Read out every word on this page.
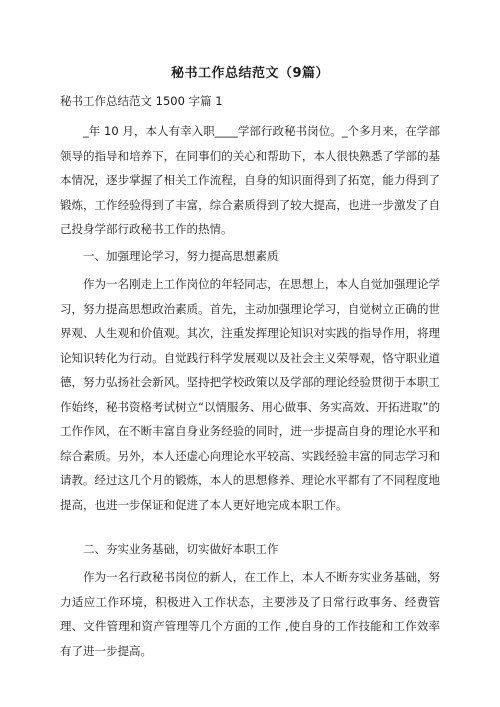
秘书工作总结范文（9篇）
秘书工作总结范文 1500 字篇 1

_年 10 月，本人有幸入职____学部行政秘书岗位。_个多月来，在学部领导的指导和培养下，在同事们的关心和帮助下，本人很快熟悉了学部的基本情况，逐步掌握了相关工作流程，自身的知识面得到了拓宽，能力得到了锻炼，工作经验得到了丰富，综合素质得到了较大提高，也进一步激发了自己投身学部行政秘书工作的热情。

一、加强理论学习，努力提高思想素质

作为一名刚走上工作岗位的年轻同志，在思想上，本人自觉加强理论学习，努力提高思想政治素质。首先，主动加强理论学习，自觉树立正确的世界观、人生观和价值观。其次，注重发挥理论知识对实践的指导作用，将理论知识转化为行动。自觉践行科学发展观以及社会主义荣辱观，恪守职业道德，努力弘扬社会新风。坚持把学校政策以及学部的理论经验贯彻于本职工作始终，秘书资格考试树立“以情服务、用心做事、务实高效、开拓进取”的工作作风，在不断丰富自身业务经验的同时，进一步提高自身的理论水平和综合素质。另外，本人还虚心向理论水平较高、实践经验丰富的同志学习和请教。经过这几个月的锻炼，本人的思想修养、理论水平都有了不同程度地提高，也进一步保证和促进了本人更好地完成本职工作。

二、夯实业务基础，切实做好本职工作

作为一名行政秘书岗位的新人，在工作上，本人不断夯实业务基础，努力适应工作环境，积极进入工作状态，主要涉及了日常行政事务、经费管理、文件管理和资产管理等几个方面的工作 ,使自身的工作技能和工作效率有了进一步提高。
